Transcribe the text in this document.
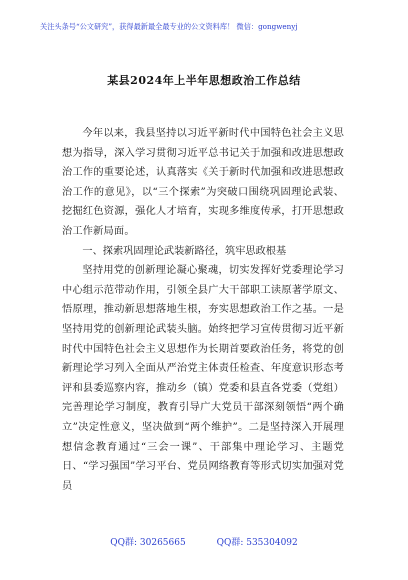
关注头条号“公文研究”，获得最新最全最专业的公文资料库！ 微信：gongwenyj
某县2024年上半年思想政治工作总结

今年以来，我县坚持以习近平新时代中国特色社会主义思想为指导，深入学习贯彻习近平总书记关于加强和改进思想政治工作的重要论述，认真落实《关于新时代加强和改进思想政治工作的意见》，以“三个探索”为突破口围绕巩固理论武装、挖掘红色资源，强化人才培育，实现多维度传承，打开思想政治工作新局面。

一、探索巩固理论武装新路径，筑牢思政根基

坚持用党的创新理论凝心聚魂，切实发挥好党委理论学习中心组示范带动作用，引领全县广大干部职工读原著学原文、悟原理，推动新思想落地生根，夯实思想政治工作之基。一是坚持用党的创新理论武装头脑。始终把学习宣传贯彻习近平新时代中国特色社会主义思想作为长期首要政治任务，将党的创新理论学习列入全面从严治党主体责任检查、年度意识形态考评和县委巡察内容，推动乡（镇）党委和县直各党委（党组）完善理论学习制度，教育引导广大党员干部深刻领悟“两个确立”决定性意义，坚决做到“两个维护”。二是坚持深入开展理想信念教育通过“三会一课”、干部集中理论学习、主题党日、“学习强国”学习平台、党员网络教育等形式切实加强对党员

QQ群: 30265665	QQ群: 535304092
